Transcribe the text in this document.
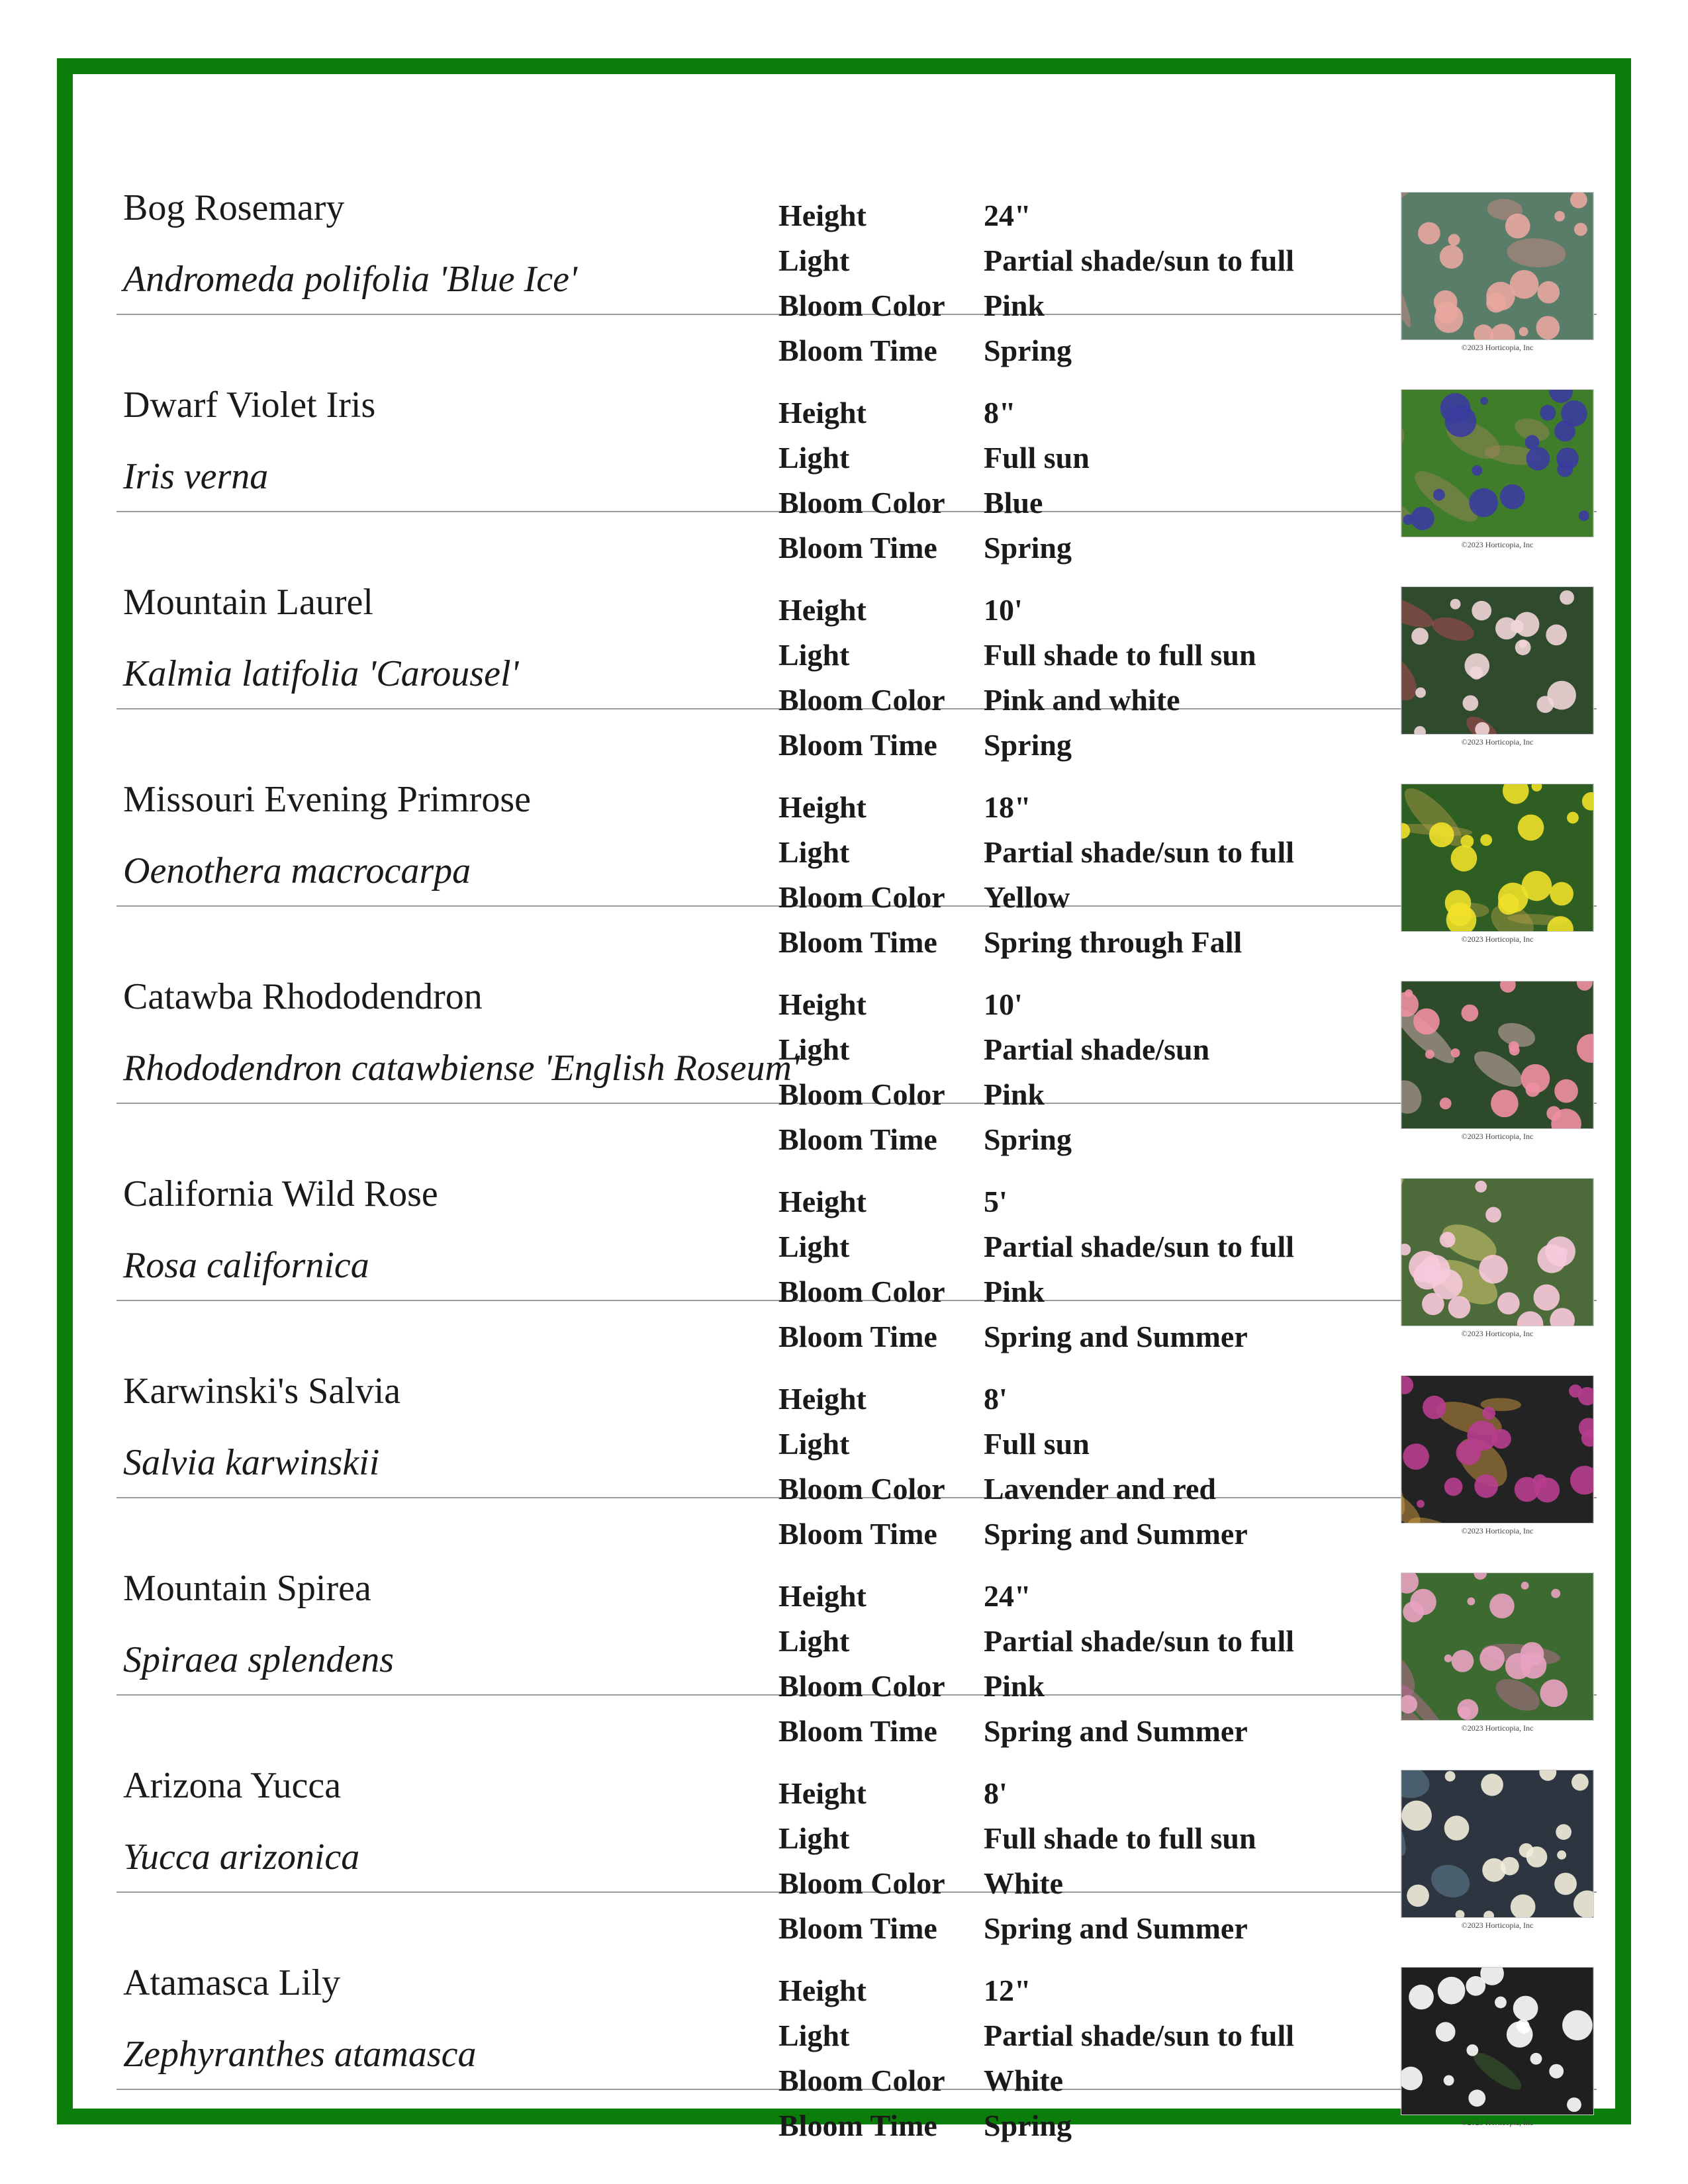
Bog Rosemary
Andromeda polifolia 'Blue Ice'
Height	24"
Light	Partial shade/sun to full
Bloom Color Pink
Bloom Time Spring	©2023 Horticopia, Inc
Dwarf Violet Iris
Iris verna
Height	8"
Light	Full sun
Bloom Color Blue
Bloom Time Spring	©2023 Horticopia, Inc
Mountain Laurel
Kalmia latifolia 'Carousel'
Height	10'
Light	Full shade to full sun
Bloom Color Pink and white
Bloom Time Spring	©2023 Horticopia, Inc
Missouri Evening Primrose
Oenothera macrocarpa
Height	18"
Light	Partial shade/sun to full
Bloom Color Yellow
Bloom Time Spring through Fall	©2023 Horticopia, Inc
Catawba Rhododendron
Rhododendron catawbiense 'English Roseum'
Height	10'
Light	Partial shade/sun
Bloom Color Pink
Bloom Time Spring	©2023 Horticopia, Inc
California Wild Rose
Rosa californica
Height	5'
Light	Partial shade/sun to full
Bloom Color Pink
Bloom Time Spring and Summer	©2023 Horticopia, Inc
Karwinski's Salvia
Salvia karwinskii
Height	8'
Light	Full sun
Bloom Color Lavender and red
Bloom Time Spring and Summer	©2023 Horticopia, Inc
Mountain Spirea
Spiraea splendens
Height	24"
Light	Partial shade/sun to full
Bloom Color Pink
Bloom Time Spring and Summer	©2023 Horticopia, Inc
Arizona Yucca
Yucca arizonica
Height	8'
Light	Full shade to full sun
Bloom Color White
Bloom Time Spring and Summer	©2023 Horticopia, Inc
Atamasca Lily
Zephyranthes atamasca
Height	12"
Light	Partial shade/sun to full
Bloom Color White
Bloom Time Spring	©2023 Horticopia, Inc
